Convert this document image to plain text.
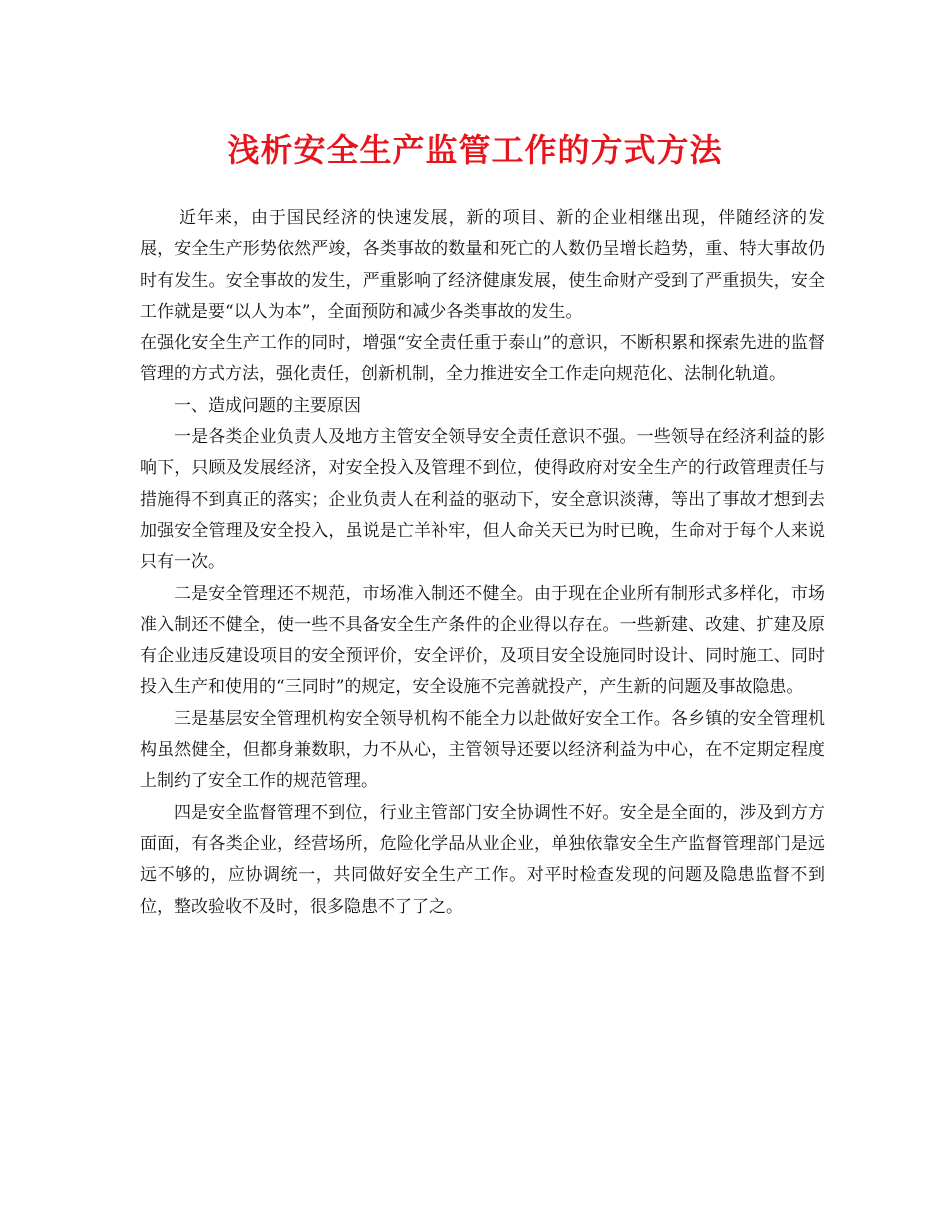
浅析安全生产监管工作的方式方法

近年来，由于国民经济的快速发展，新的项目、新的企业相继出现，伴随经济的发展，安全生产形势依然严竣，各类事故的数量和死亡的人数仍呈增长趋势，重、特大事故仍时有发生。安全事故的发生，严重影响了经济健康发展，使生命财产受到了严重损失，安全工作就是要“以人为本”，全面预防和减少各类事故的发生。

在强化安全生产工作的同时，增强“安全责任重于泰山”的意识，不断积累和探索先进的监督管理的方式方法，强化责任，创新机制，全力推进安全工作走向规范化、法制化轨道。

一、造成问题的主要原因

一是各类企业负责人及地方主管安全领导安全责任意识不强。一些领导在经济利益的影响下，只顾及发展经济，对安全投入及管理不到位，使得政府对安全生产的行政管理责任与措施得不到真正的落实；企业负责人在利益的驱动下，安全意识淡薄，等出了事故才想到去加强安全管理及安全投入，虽说是亡羊补牢，但人命关天已为时已晚，生命对于每个人来说只有一次。

二是安全管理还不规范，市场准入制还不健全。由于现在企业所有制形式多样化，市场准入制还不健全，使一些不具备安全生产条件的企业得以存在。一些新建、改建、扩建及原有企业违反建设项目的安全预评价，安全评价，及项目安全设施同时设计、同时施工、同时投入生产和使用的“三同时”的规定，安全设施不完善就投产，产生新的问题及事故隐患。

三是基层安全管理机构安全领导机构不能全力以赴做好安全工作。各乡镇的安全管理机构虽然健全，但都身兼数职，力不从心，主管领导还要以经济利益为中心，在不定期定程度上制约了安全工作的规范管理。

四是安全监督管理不到位，行业主管部门安全协调性不好。安全是全面的，涉及到方方面面，有各类企业，经营场所，危险化学品从业企业，单独依靠安全生产监督管理部门是远远不够的，应协调统一，共同做好安全生产工作。对平时检查发现的问题及隐患监督不到位，整改验收不及时，很多隐患不了了之。
